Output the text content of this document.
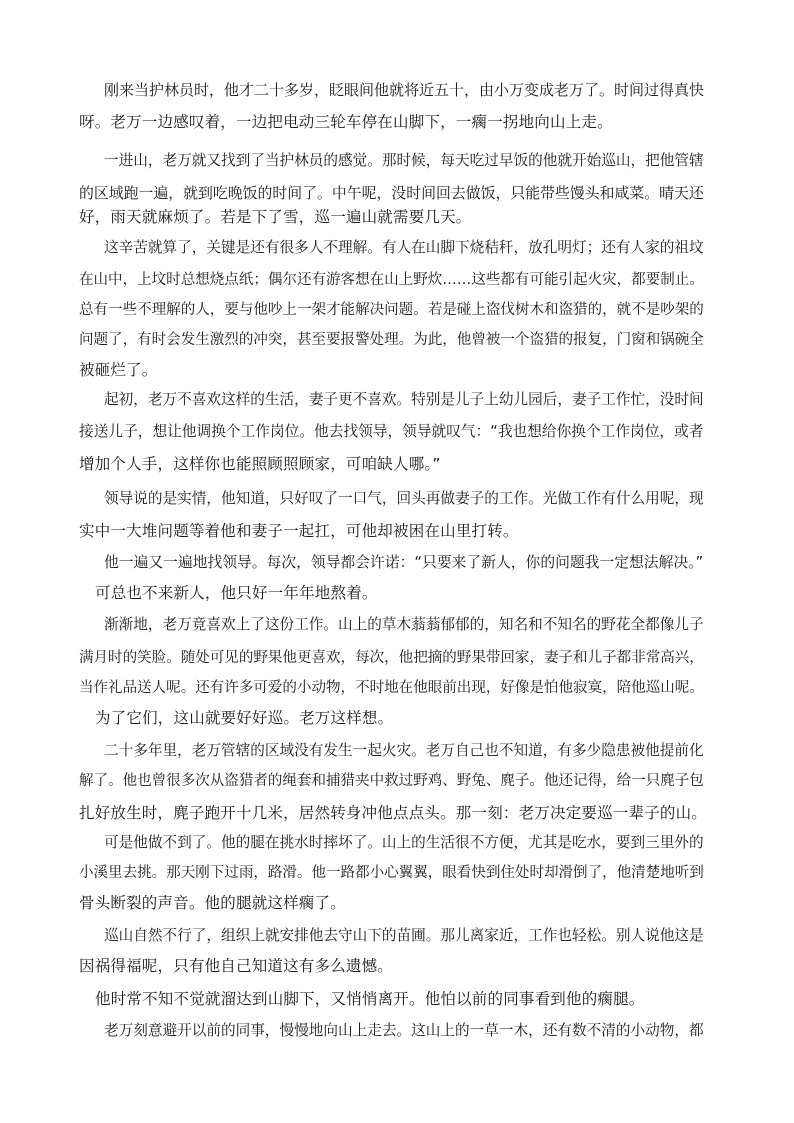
刚来当护林员时，他才二十多岁，眨眼间他就将近五十，由小万变成老万了。时间过得真快
呀。老万一边感叹着，一边把电动三轮车停在山脚下，一瘸一拐地向山上走。
一进山，老万就又找到了当护林员的感觉。那时候，每天吃过早饭的他就开始巡山，把他管辖
的区域跑一遍，就到吃晚饭的时间了。中午呢，没时间回去做饭，只能带些馒头和咸菜。晴天还
好，雨天就麻烦了。若是下了雪，巡一遍山就需要几天。
这辛苦就算了，关键是还有很多人不理解。有人在山脚下烧秸秆，放孔明灯；还有人家的祖坟
在山中，上坟时总想烧点纸；偶尔还有游客想在山上野炊……这些都有可能引起火灾，都要制止。
总有一些不理解的人，要与他吵上一架才能解决问题。若是碰上盗伐树木和盗猎的，就不是吵架的
问题了，有时会发生激烈的冲突，甚至要报警处理。为此，他曾被一个盗猎的报复，门窗和锅碗全
被砸烂了。
起初，老万不喜欢这样的生活，妻子更不喜欢。特别是儿子上幼儿园后，妻子工作忙，没时间
接送儿子，想让他调换个工作岗位。他去找领导，领导就叹气：“我也想给你换个工作岗位，或者
增加个人手，这样你也能照顾照顾家，可咱缺人哪。”
领导说的是实情，他知道，只好叹了一口气，回头再做妻子的工作。光做工作有什么用呢，现
实中一大堆问题等着他和妻子一起扛，可他却被困在山里打转。
他一遍又一遍地找领导。每次，领导都会许诺：“只要来了新人，你的问题我一定想法解决。”
可总也不来新人，他只好一年年地熬着。
渐渐地，老万竟喜欢上了这份工作。山上的草木蓊蓊郁郁的，知名和不知名的野花全都像儿子
满月时的笑脸。随处可见的野果他更喜欢，每次，他把摘的野果带回家，妻子和儿子都非常高兴，
当作礼品送人呢。还有许多可爱的小动物，不时地在他眼前出现，好像是怕他寂寞，陪他巡山呢。
为了它们，这山就要好好巡。老万这样想。
二十多年里，老万管辖的区域没有发生一起火灾。老万自己也不知道，有多少隐患被他提前化
解了。他也曾很多次从盗猎者的绳套和捕猎夹中救过野鸡、野兔、麂子。他还记得，给一只麂子包
扎好放生时，麂子跑开十几米，居然转身冲他点点头。那一刻：老万决定要巡一辈子的山。
可是他做不到了。他的腿在挑水时摔坏了。山上的生活很不方便，尤其是吃水，要到三里外的
小溪里去挑。那天刚下过雨，路滑。他一路都小心翼翼，眼看快到住处时却滑倒了，他清楚地听到
骨头断裂的声音。他的腿就这样瘸了。
巡山自然不行了，组织上就安排他去守山下的苗圃。那儿离家近，工作也轻松。别人说他这是
因祸得福呢，只有他自己知道这有多么遗憾。
他时常不知不觉就溜达到山脚下，又悄悄离开。他怕以前的同事看到他的瘸腿。
老万刻意避开以前的同事，慢慢地向山上走去。这山上的一草一木，还有数不清的小动物，都
